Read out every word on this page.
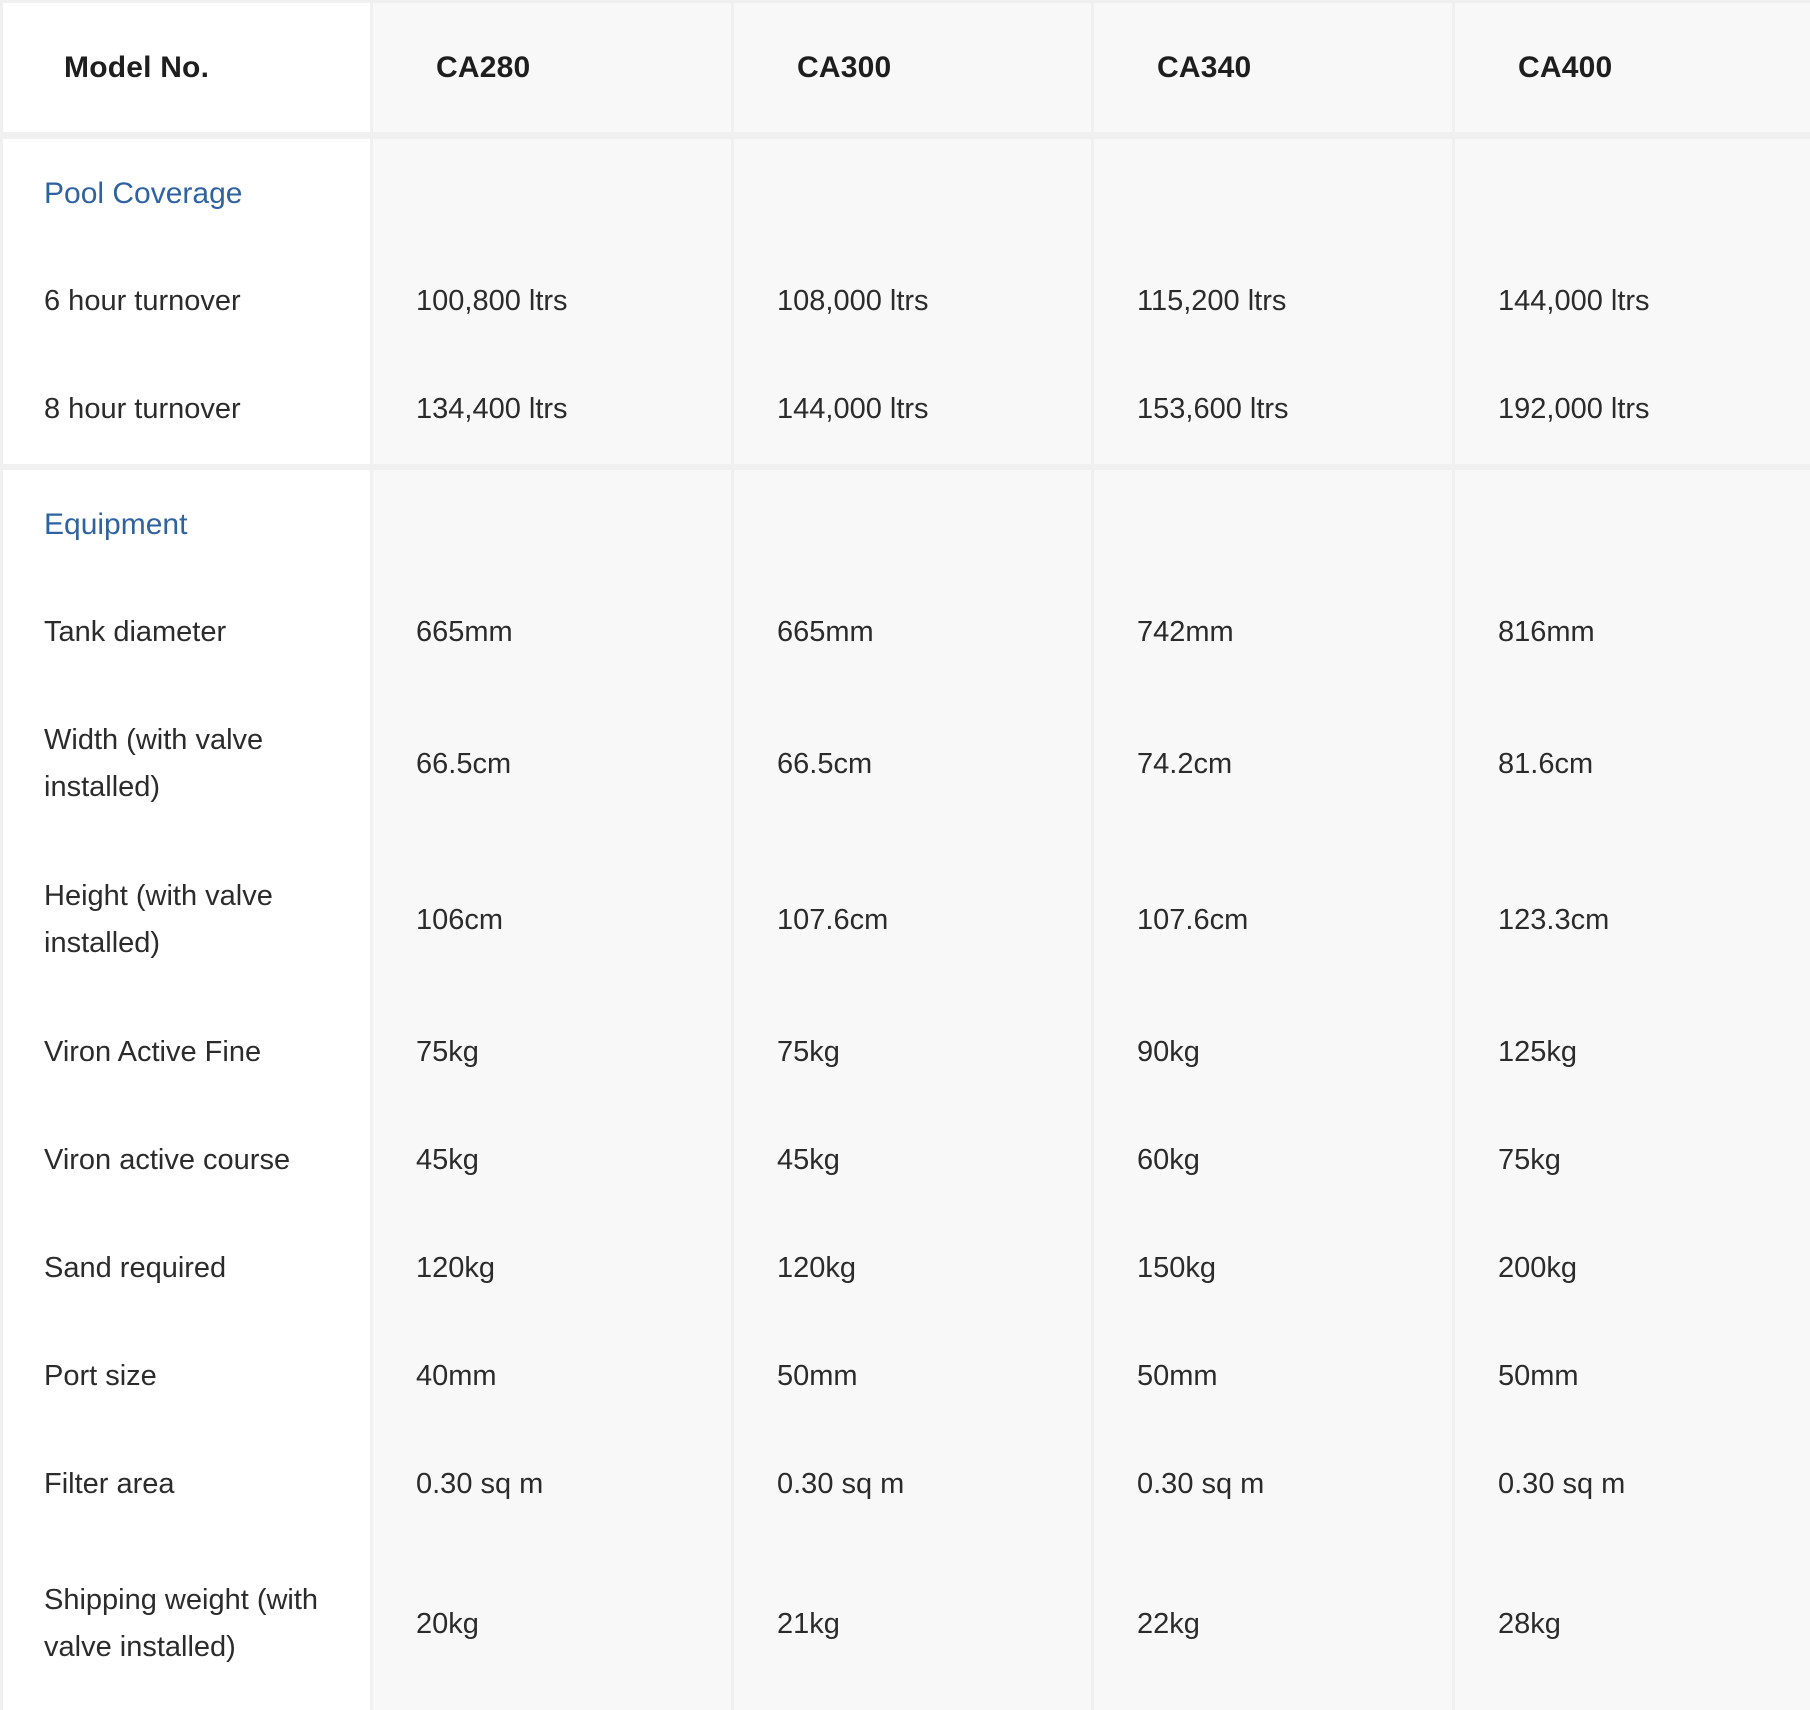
Model No.
Pool Coverage
6 hour turnover
8 hour turnover
Equipment
Tank diameter
Width (with valve installed)
Height (with valve installed)
Viron Active Fine
Viron active course
Sand required
Port size
Filter area
Shipping weight (with valve installed)
CA280
100,800 ltrs
134,400 ltrs
665mm
66.5cm
106cm
75kg
45kg
120kg
40mm
0.30 sq m
20kg
CA300
108,000 ltrs
144,000 ltrs
665mm
66.5cm
107.6cm
75kg
45kg
120kg
50mm
0.30 sq m
21kg
CA340
115,200 ltrs
153,600 ltrs
742mm
74.2cm
107.6cm
90kg
60kg
150kg
50mm
0.30 sq m
22kg
CA400
144,000 ltrs
192,000 ltrs
816mm
81.6cm
123.3cm
125kg
75kg
200kg
50mm
0.30 sq m
28kg
